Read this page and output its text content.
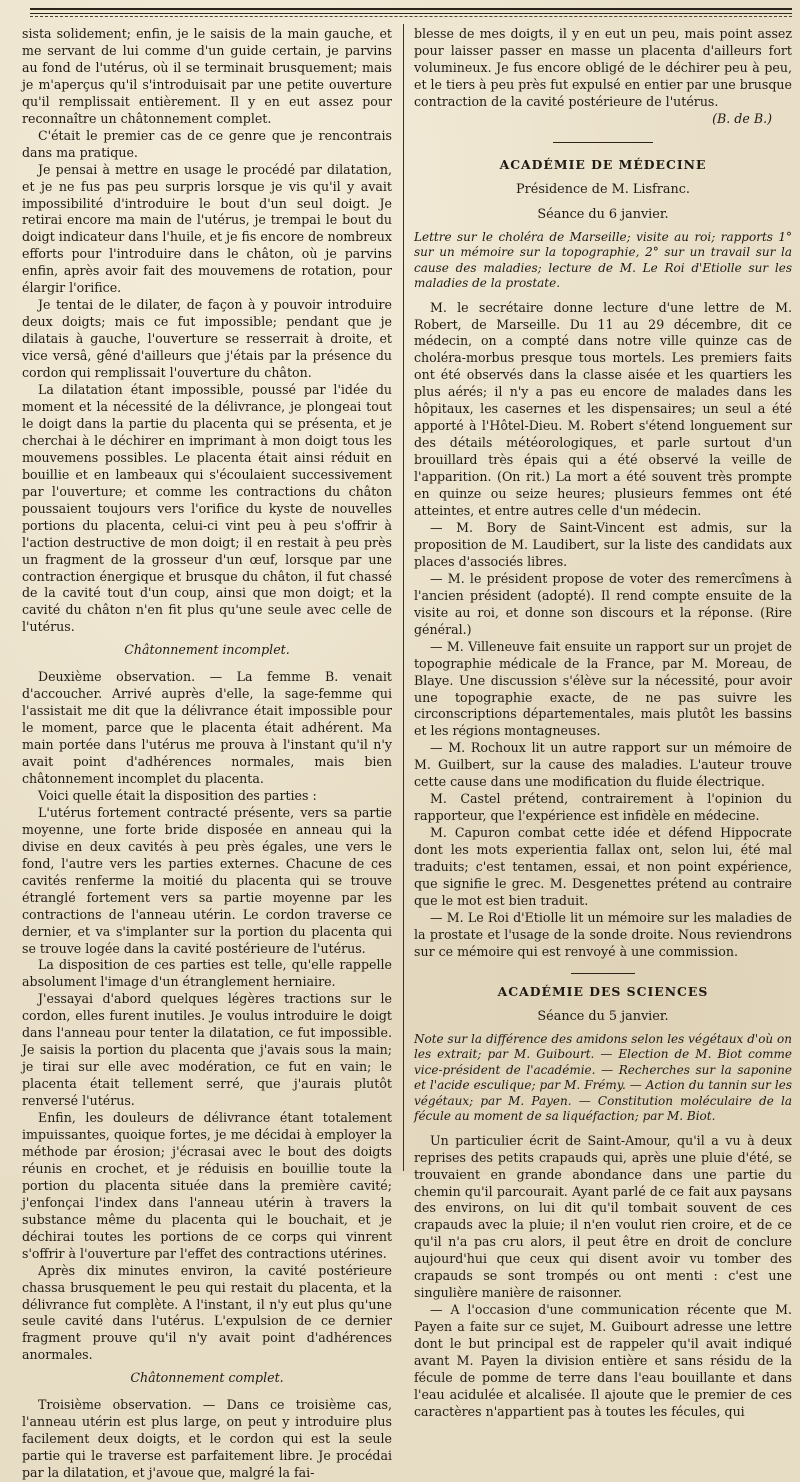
sista solidement; enfin, je le saisis de la main gauche, et me servant de lui comme d'un guide certain, je parvins au fond de l'utérus, où il se terminait brusquement; mais je m'aperçus qu'il s'introduisait par une petite ouverture qu'il remplissait entièrement. Il y en eut assez pour reconnaître un châtonnement complet.

C'était le premier cas de ce genre que je rencontrais dans ma pratique.

Je pensai à mettre en usage le procédé par dilatation, et je ne fus pas peu surpris lorsque je vis qu'il y avait impossibilité d'introduire le bout d'un seul doigt. Je retirai encore ma main de l'utérus, je trempai le bout du doigt indicateur dans l'huile, et je fis encore de nombreux efforts pour l'introduire dans le châton, où je parvins enfin, après avoir fait des mouvemens de rotation, pour élargir l'orifice.

Je tentai de le dilater, de façon à y pouvoir introduire deux doigts; mais ce fut impossible; pendant que je dilatais à gauche, l'ouverture se resserrait à droite, et vice versâ, gêné d'ailleurs que j'étais par la présence du cordon qui remplissait l'ouverture du châton.

La dilatation étant impossible, poussé par l'idée du moment et la nécessité de la délivrance, je plongeai tout le doigt dans la partie du placenta qui se présenta, et je cherchai à le déchirer en imprimant à mon doigt tous les mouvemens possibles. Le placenta était ainsi réduit en bouillie et en lambeaux qui s'écoulaient successivement par l'ouverture; et comme les contractions du châton poussaient toujours vers l'orifice du kyste de nouvelles portions du placenta, celui-ci vint peu à peu s'offrir à l'action destructive de mon doigt; il en restait à peu près un fragment de la grosseur d'un œuf, lorsque par une contraction énergique et brusque du châton, il fut chassé de la cavité tout d'un coup, ainsi que mon doigt; et la cavité du châton n'en fit plus qu'une seule avec celle de l'utérus.

Châtonnement incomplet.

Deuxième observation. — La femme B. venait d'accoucher. Arrivé auprès d'elle, la sage-femme qui l'assistait me dit que la délivrance était impossible pour le moment, parce que le placenta était adhérent. Ma main portée dans l'utérus me prouva à l'instant qu'il n'y avait point d'adhérences normales, mais bien châtonnement incomplet du placenta.

Voici quelle était la disposition des parties :

L'utérus fortement contracté présente, vers sa partie moyenne, une forte bride disposée en anneau qui la divise en deux cavités à peu près égales, une vers le fond, l'autre vers les parties externes. Chacune de ces cavités renferme la moitié du placenta qui se trouve étranglé fortement vers sa partie moyenne par les contractions de l'anneau utérin. Le cordon traverse ce dernier, et va s'implanter sur la portion du placenta qui se trouve logée dans la cavité postérieure de l'utérus.

La disposition de ces parties est telle, qu'elle rappelle absolument l'image d'un étranglement herniaire.

J'essayai d'abord quelques légères tractions sur le cordon, elles furent inutiles. Je voulus introduire le doigt dans l'anneau pour tenter la dilatation, ce fut impossible. Je saisis la portion du placenta que j'avais sous la main; je tirai sur elle avec modération, ce fut en vain; le placenta était tellement serré, que j'aurais plutôt renversé l'utérus.

Enfin, les douleurs de délivrance étant totalement impuissantes, quoique fortes, je me décidai à employer la méthode par érosion; j'écrasai avec le bout des doigts réunis en crochet, et je réduisis en bouillie toute la portion du placenta située dans la première cavité; j'enfonçai l'index dans l'anneau utérin à travers la substance même du placenta qui le bouchait, et je déchirai toutes les portions de ce corps qui vinrent s'offrir à l'ouverture par l'effet des contractions utérines.

Après dix minutes environ, la cavité postérieure chassa brusquement le peu qui restait du placenta, et la délivrance fut complète. A l'instant, il n'y eut plus qu'une seule cavité dans l'utérus. L'expulsion de ce dernier fragment prouve qu'il n'y avait point d'adhérences anormales.

Châtonnement complet.

Troisième observation. — Dans ce troisième cas, l'anneau utérin est plus large, on peut y introduire plus facilement deux doigts, et le cordon qui est la seule partie qui le traverse est parfaitement libre. Je procédai par la dilatation, et j'avoue que, malgré la fai-

blesse de mes doigts, il y en eut un peu, mais point assez pour laisser passer en masse un placenta d'ailleurs fort volumineux. Je fus encore obligé de le déchirer peu à peu, et le tiers à peu près fut expulsé en entier par une brusque contraction de la cavité postérieure de l'utérus.

(B. de B.)

ACADÉMIE DE MÉDECINE

Présidence de M. Lisfranc.

Séance du 6 janvier.

Lettre sur le choléra de Marseille; visite au roi; rapports 1° sur un mémoire sur la topographie, 2° sur un travail sur la cause des maladies; lecture de M. Le Roi d'Etiolle sur les maladies de la prostate.

M. le secrétaire donne lecture d'une lettre de M. Robert, de Marseille. Du 11 au 29 décembre, dit ce médecin, on a compté dans notre ville quinze cas de choléra-morbus presque tous mortels. Les premiers faits ont été observés dans la classe aisée et les quartiers les plus aérés; il n'y a pas eu encore de malades dans les hôpitaux, les casernes et les dispensaires; un seul a été apporté à l'Hôtel-Dieu. M. Robert s'étend longuement sur des détails météorologiques, et parle surtout d'un brouillard très épais qui a été observé la veille de l'apparition. (On rit.) La mort a été souvent très prompte en quinze ou seize heures; plusieurs femmes ont été atteintes, et entre autres celle d'un médecin.

— M. Bory de Saint-Vincent est admis, sur la proposition de M. Laudibert, sur la liste des candidats aux places d'associés libres.

— M. le président propose de voter des remercîmens à l'ancien président (adopté). Il rend compte ensuite de la visite au roi, et donne son discours et la réponse. (Rire général.)

— M. Villeneuve fait ensuite un rapport sur un projet de topographie médicale de la France, par M. Moreau, de Blaye. Une discussion s'élève sur la nécessité, pour avoir une topographie exacte, de ne pas suivre les circonscriptions départementales, mais plutôt les bassins et les régions montagneuses.

— M. Rochoux lit un autre rapport sur un mémoire de M. Guilbert, sur la cause des maladies. L'auteur trouve cette cause dans une modification du fluide électrique.

M. Castel prétend, contrairement à l'opinion du rapporteur, que l'expérience est infidèle en médecine.

M. Capuron combat cette idée et défend Hippocrate dont les mots experientia fallax ont, selon lui, été mal traduits; c'est tentamen, essai, et non point expérience, que signifie le grec. M. Desgenettes prétend au contraire que le mot est bien traduit.

— M. Le Roi d'Etiolle lit un mémoire sur les maladies de la prostate et l'usage de la sonde droite. Nous reviendrons sur ce mémoire qui est renvoyé à une commission.

ACADÉMIE DES SCIENCES

Séance du 5 janvier.

Note sur la différence des amidons selon les végétaux d'où on les extrait; par M. Guibourt. — Election de M. Biot comme vice-président de l'académie. — Recherches sur la saponine et l'acide esculique; par M. Frémy. — Action du tannin sur les végétaux; par M. Payen. — Constitution moléculaire de la fécule au moment de sa liquéfaction; par M. Biot.

Un particulier écrit de Saint-Amour, qu'il a vu à deux reprises des petits crapauds qui, après une pluie d'été, se trouvaient en grande abondance dans une partie du chemin qu'il parcourait. Ayant parlé de ce fait aux paysans des environs, on lui dit qu'il tombait souvent de ces crapauds avec la pluie; il n'en voulut rien croire, et de ce qu'il n'a pas cru alors, il peut être en droit de conclure aujourd'hui que ceux qui disent avoir vu tomber des crapauds se sont trompés ou ont menti : c'est une singulière manière de raisonner.

— A l'occasion d'une communication récente que M. Payen a faite sur ce sujet, M. Guibourt adresse une lettre dont le but principal est de rappeler qu'il avait indiqué avant M. Payen la division entière et sans résidu de la fécule de pomme de terre dans l'eau bouillante et dans l'eau acidulée et alcalisée. Il ajoute que le premier de ces caractères n'appartient pas à toutes les fécules, qui
